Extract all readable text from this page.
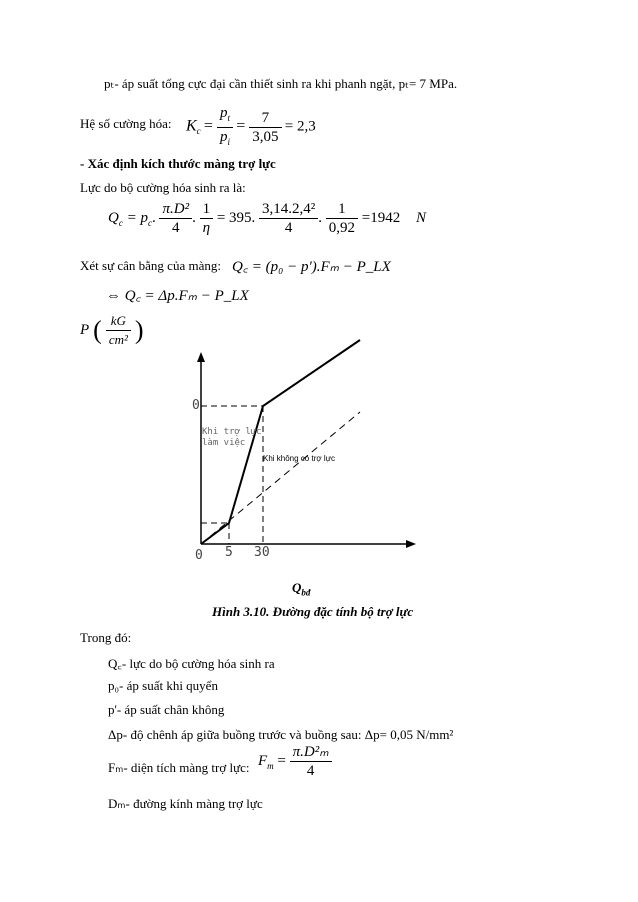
pₜ- áp suất tổng cực đại cần thiết sinh ra khi phanh ngặt, pₜ= 7 MPa.
Hệ số cường hóa: $K_c = \frac{p_t}{p_i} = \frac{7}{3,05} = 2,3$
- Xác định kích thước màng trợ lực
Lực do bộ cường hóa sinh ra là:
$Q_c = p_c$. $\frac{\text{π.D²}}{4}$ . $\frac{1}{\eta} = 395$. $\frac{\text{3,14.2,4²}}{4}$ . $\frac{1}{0,92} =1942$ N
Xét sự cân bằng của màng: Q꜀ = (p₀ − p′).Fₘ − P_LX
⇔ Q꜀ = Δp.Fₘ − P_LX
P ( $\frac{kG}{\text{cm²}}$ )
0
0 5 30
Khi trợ lực
làm việc
Khi không có trợ lực
$Q_{bđ}$
Hình 3.10. Đường đặc tính bộ trợ lực
Trong đó:
Q꜀- lực do bộ cường hóa sinh ra
p₀- áp suất khi quyển
p'- áp suất chân không
Δp- độ chênh áp giữa buồng trước và buồng sau: Δp= 0,05 N/mm²
Fₘ- diện tích màng trợ lực: $F_m = \frac{\text{π.D²ₘ}}{4}$
Dₘ- đường kính màng trợ lực
